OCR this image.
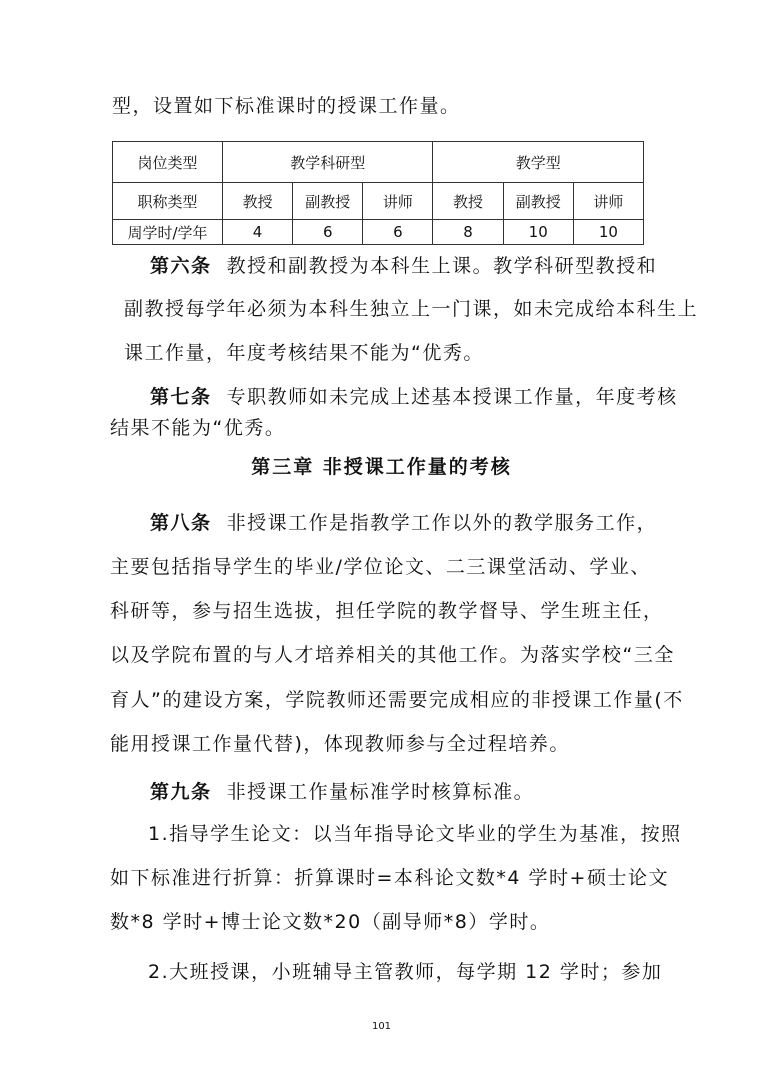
型，设置如下标准课时的授课工作量。
岗位类型	教学科研型			教学型		
职称类型	教授	副教授	讲师	教授	副教授	讲师
周学时/学年	4	6	6	8	10	10
第六条 教授和副教授为本科生上课。教学科研型教授和
副教授每学年必须为本科生独立上一门课，如未完成给本科生上
课工作量，年度考核结果不能为“优秀。
第七条 专职教师如未完成上述基本授课工作量，年度考核
结果不能为“优秀。
第三章 非授课工作量的考核
第八条 非授课工作是指教学工作以外的教学服务工作，
主要包括指导学生的毕业/学位论文、二三课堂活动、学业、
科研等，参与招生选拔，担任学院的教学督导、学生班主任，
以及学院布置的与人才培养相关的其他工作。为落实学校“三全
育人”的建设方案，学院教师还需要完成相应的非授课工作量(不
能用授课工作量代替)，体现教师参与全过程培养。
第九条 非授课工作量标准学时核算标准。
1.指导学生论文：以当年指导论文毕业的学生为基准，按照
如下标准进行折算：折算课时=本科论文数*4 学时+硕士论文
数*8 学时+博士论文数*20（副导师*8）学时。
2.大班授课，小班辅导主管教师，每学期 12 学时；参加
101
